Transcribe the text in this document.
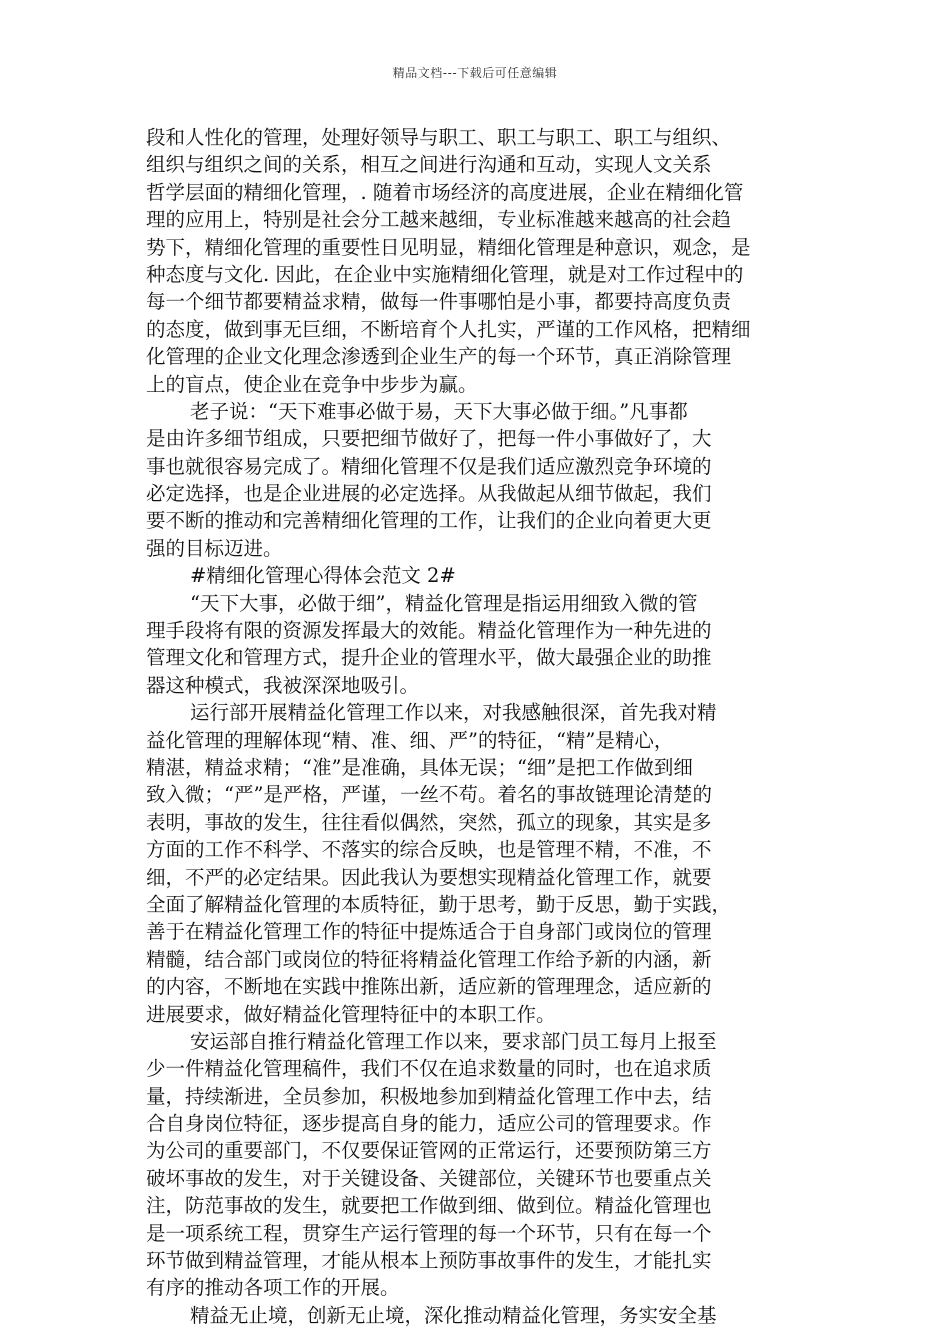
精品文档---下载后可任意编辑
段和人性化的管理，处理好领导与职工、职工与职工、职工与组织、
组织与组织之间的关系，相互之间进行沟通和互动，实现人文关系
哲学层面的精细化管理，. 随着市场经济的高度进展，企业在精细化管
理的应用上，特别是社会分工越来越细，专业标准越来越高的社会趋
势下，精细化管理的重要性日见明显，精细化管理是种意识，观念，是
种态度与文化. 因此，在企业中实施精细化管理，就是对工作过程中的
每一个细节都要精益求精，做每一件事哪怕是小事，都要持高度负责
的态度，做到事无巨细，不断培育个人扎实，严谨的工作风格，把精细
化管理的企业文化理念渗透到企业生产的每一个环节，真正消除管理
上的盲点，使企业在竞争中步步为赢。
老子说：“天下难事必做于易，天下大事必做于细。”凡事都
是由许多细节组成，只要把细节做好了，把每一件小事做好了，大
事也就很容易完成了。精细化管理不仅是我们适应激烈竞争环境的
必定选择，也是企业进展的必定选择。从我做起从细节做起，我们
要不断的推动和完善精细化管理的工作，让我们的企业向着更大更
强的目标迈进。
#精细化管理心得体会范文 2#
“天下大事，必做于细”，精益化管理是指运用细致入微的管
理手段将有限的资源发挥最大的效能。精益化管理作为一种先进的
管理文化和管理方式，提升企业的管理水平，做大最强企业的助推
器这种模式，我被深深地吸引。
运行部开展精益化管理工作以来，对我感触很深，首先我对精
益化管理的理解体现“精、准、细、严”的特征，“精”是精心，
精湛，精益求精；“准”是准确，具体无误；“细”是把工作做到细
致入微；“严”是严格，严谨，一丝不苟。着名的事故链理论清楚的
表明，事故的发生，往往看似偶然，突然，孤立的现象，其实是多
方面的工作不科学、不落实的综合反映，也是管理不精，不准，不
细，不严的必定结果。因此我认为要想实现精益化管理工作，就要
全面了解精益化管理的本质特征，勤于思考，勤于反思，勤于实践，
善于在精益化管理工作的特征中提炼适合于自身部门或岗位的管理
精髓，结合部门或岗位的特征将精益化管理工作给予新的内涵，新
的内容，不断地在实践中推陈出新，适应新的管理理念，适应新的
进展要求，做好精益化管理特征中的本职工作。
安运部自推行精益化管理工作以来，要求部门员工每月上报至
少一件精益化管理稿件，我们不仅在追求数量的同时，也在追求质
量，持续渐进，全员参加，积极地参加到精益化管理工作中去，结
合自身岗位特征，逐步提高自身的能力，适应公司的管理要求。作
为公司的重要部门，不仅要保证管网的正常运行，还要预防第三方
破坏事故的发生，对于关键设备、关键部位，关键环节也要重点关
注，防范事故的发生，就要把工作做到细、做到位。精益化管理也
是一项系统工程，贯穿生产运行管理的每一个环节，只有在每一个
环节做到精益管理，才能从根本上预防事故事件的发生，才能扎实
有序的推动各项工作的开展。
精益无止境，创新无止境，深化推动精益化管理，务实安全基
